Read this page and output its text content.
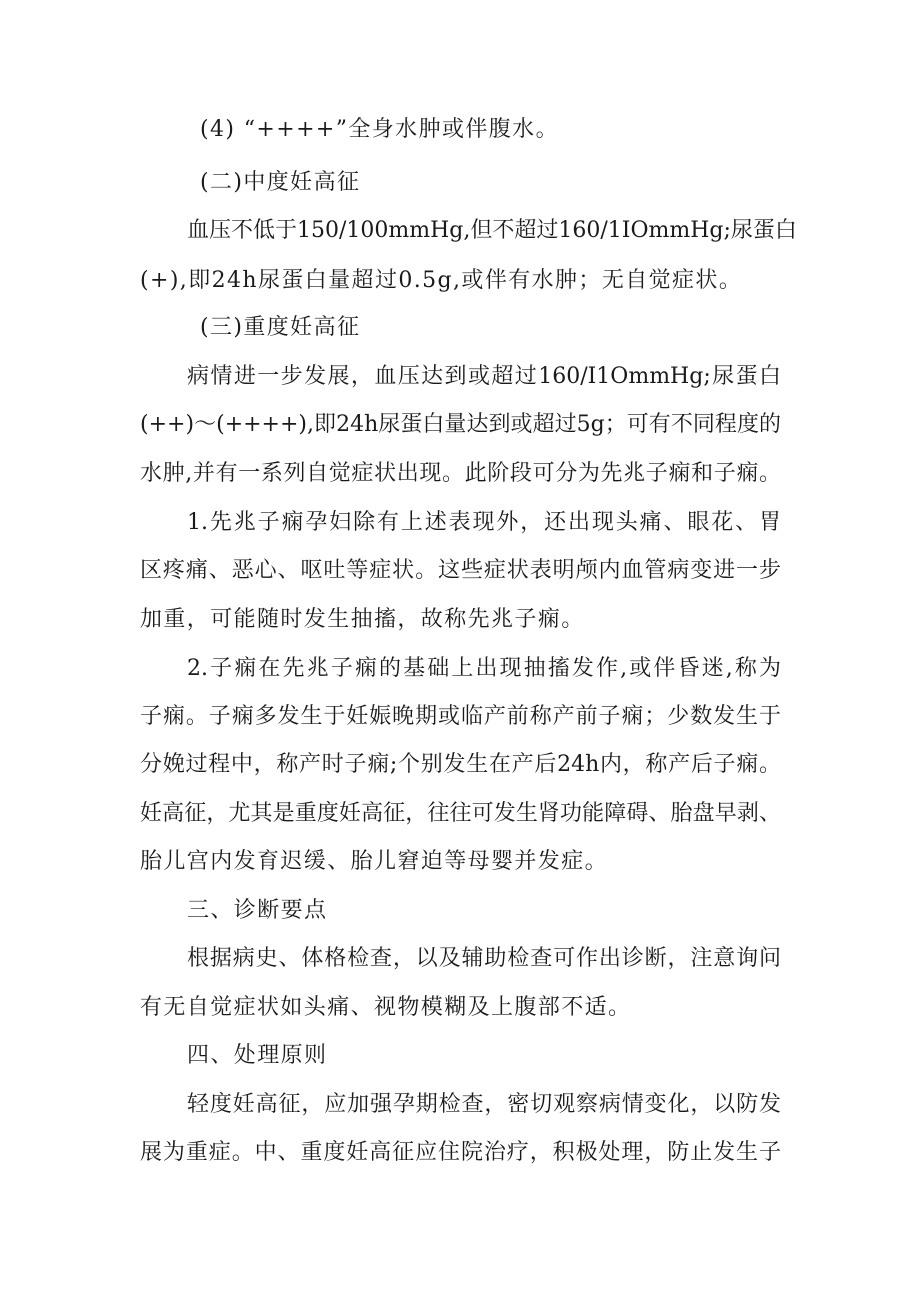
(4) “++++”全身水肿或伴腹水。
(二)中度妊高征
血压不低于150/100mmHg,但不超过160/1IOmmHg;尿蛋白
(+),即24h尿蛋白量超过0.5g,或伴有水肿；无自觉症状。
(三)重度妊高征
病情进一步发展，血压达到或超过160/I1OmmHg;尿蛋白
(++)～(++++),即24h尿蛋白量达到或超过5g；可有不同程度的
水肿,并有一系列自觉症状出现。此阶段可分为先兆子痫和子痫。
1.先兆子痫孕妇除有上述表现外，还出现头痛、眼花、胃
区疼痛、恶心、呕吐等症状。这些症状表明颅内血管病变进一步
加重，可能随时发生抽搐，故称先兆子痫。
2.子痫在先兆子痫的基础上出现抽搐发作,或伴昏迷,称为
子痫。子痫多发生于妊娠晚期或临产前称产前子痫；少数发生于
分娩过程中，称产时子痫;个别发生在产后24h内，称产后子痫。
妊高征，尤其是重度妊高征，往往可发生肾功能障碍、胎盘早剥、
胎儿宫内发育迟缓、胎儿窘迫等母婴并发症。
三、诊断要点
根据病史、体格检查，以及辅助检查可作出诊断，注意询问
有无自觉症状如头痛、视物模糊及上腹部不适。
四、处理原则
轻度妊高征，应加强孕期检查，密切观察病情变化，以防发
展为重症。中、重度妊高征应住院治疗，积极处理，防止发生子
